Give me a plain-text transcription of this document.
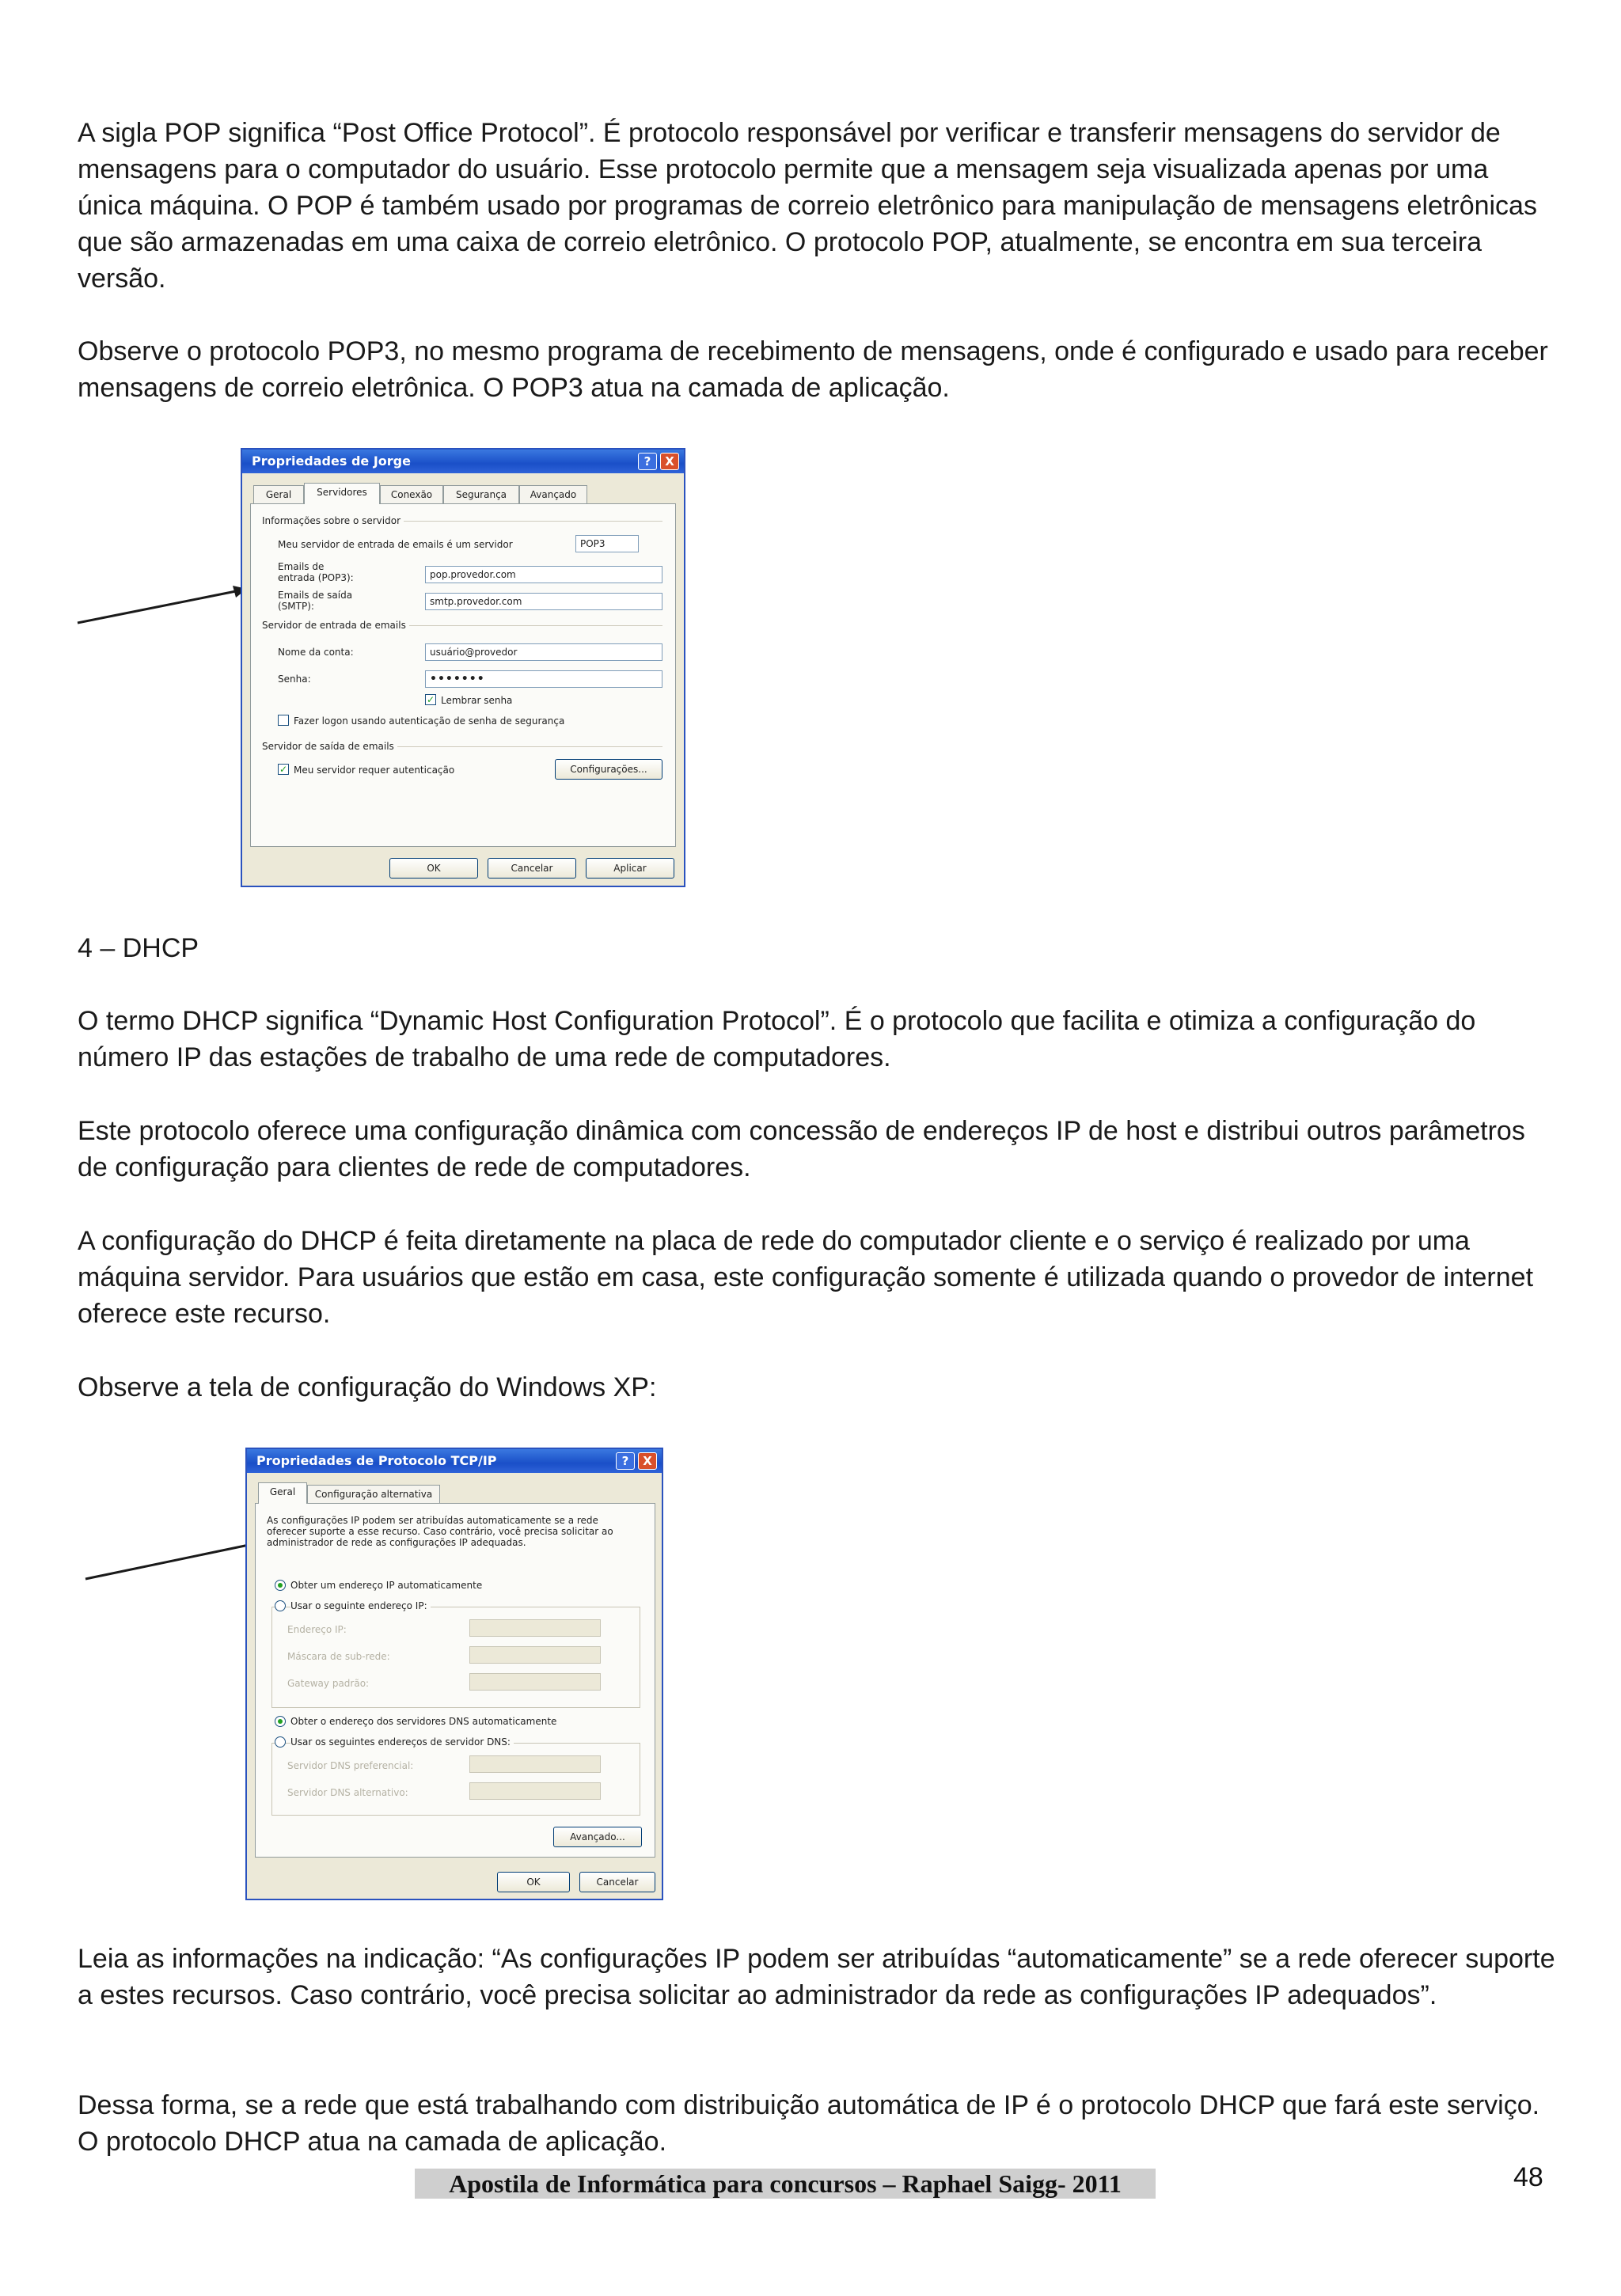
A sigla POP significa “Post Office Protocol”. É protocolo responsável por verificar e transferir mensagens do servidor de mensagens para o computador do usuário. Esse protocolo permite que a mensagem seja visualizada apenas por uma única máquina. O POP é também usado por programas de correio eletrônico para manipulação de mensagens eletrônicas que são armazenadas em uma caixa de correio eletrônico. O protocolo POP, atualmente, se encontra em sua terceira versão.

Observe o protocolo POP3, no mesmo programa de recebimento de mensagens, onde é configurado e usado para receber mensagens de correio eletrônica. O POP3 atua na camada de aplicação.

Propriedades de Jorge	?	X
Geral	Servidores	Conexão	Segurança	Avançado
Informações sobre o servidor
Meu servidor de entrada de emails é um servidor	POP3
Emails de entrada (POP3):	pop.provedor.com
Emails de saída (SMTP):	smtp.provedor.com
Servidor de entrada de emails
Nome da conta:	usuário@provedor
Senha:	•••••••
✓ Lembrar senha
Fazer logon usando autenticação de senha de segurança
Servidor de saída de emails
✓ Meu servidor requer autenticação	Configurações...
OK	Cancelar	Aplicar

4 – DHCP

O termo DHCP significa “Dynamic Host Configuration Protocol”. É o protocolo que facilita e otimiza a configuração do número IP das estações de trabalho de uma rede de computadores.

Este protocolo oferece uma configuração dinâmica com concessão de endereços IP de host e distribui outros parâmetros de configuração para clientes de rede de computadores.

A configuração do DHCP é feita diretamente na placa de rede do computador cliente e o serviço é realizado por uma máquina servidor. Para usuários que estão em casa, este configuração somente é utilizada quando o provedor de internet oferece este recurso.

Observe a tela de configuração do Windows XP:

Propriedades de Protocolo TCP/IP	?	X
Geral	Configuração alternativa
As configurações IP podem ser atribuídas automaticamente se a rede oferecer suporte a esse recurso. Caso contrário, você precisa solicitar ao administrador de rede as configurações IP adequadas.
Obter um endereço IP automaticamente
Usar o seguinte endereço IP:
Endereço IP:
Máscara de sub-rede:
Gateway padrão:
Obter o endereço dos servidores DNS automaticamente
Usar os seguintes endereços de servidor DNS:
Servidor DNS preferencial:
Servidor DNS alternativo:
Avançado...
OK	Cancelar

Leia as informações na indicação: “As configurações IP podem ser atribuídas “automaticamente” se a rede oferecer suporte a estes recursos. Caso contrário, você precisa solicitar ao administrador da rede as configurações IP adequados”.

Dessa forma, se a rede que está trabalhando com distribuição automática de IP é o protocolo DHCP que fará este serviço. O protocolo DHCP atua na camada de aplicação.

Apostila de Informática para concursos – Raphael Saigg- 2011	48
